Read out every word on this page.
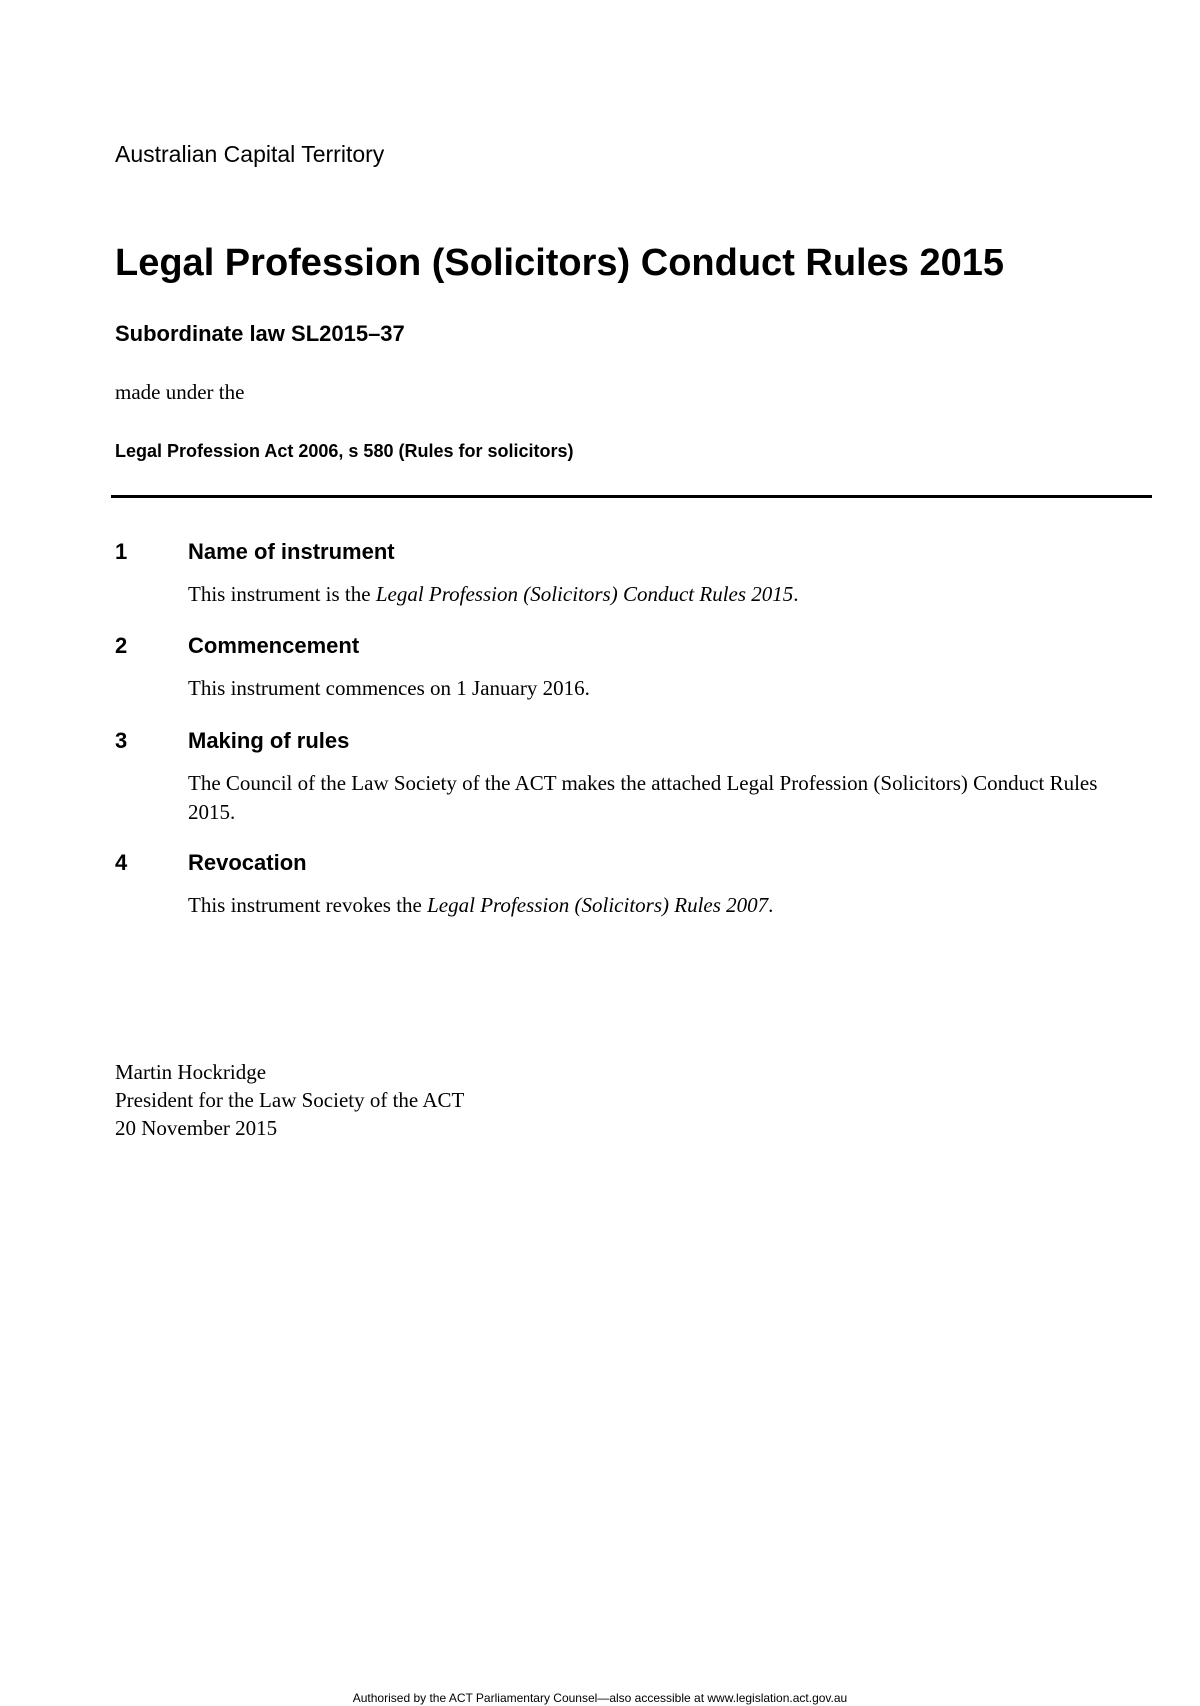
Australian Capital Territory
Legal Profession (Solicitors) Conduct Rules 2015
Subordinate law SL2015–37
made under the
Legal Profession Act 2006, s 580 (Rules for solicitors)
1	Name of instrument
This instrument is the Legal Profession (Solicitors) Conduct Rules 2015.
2	Commencement
This instrument commences on 1 January 2016.
3	Making of rules
The Council of the Law Society of the ACT makes the attached Legal Profession (Solicitors) Conduct Rules 2015.
4	Revocation
This instrument revokes the Legal Profession (Solicitors) Rules 2007.
Martin Hockridge
President for the Law Society of the ACT
20 November 2015
Authorised by the ACT Parliamentary Counsel—also accessible at www.legislation.act.gov.au
